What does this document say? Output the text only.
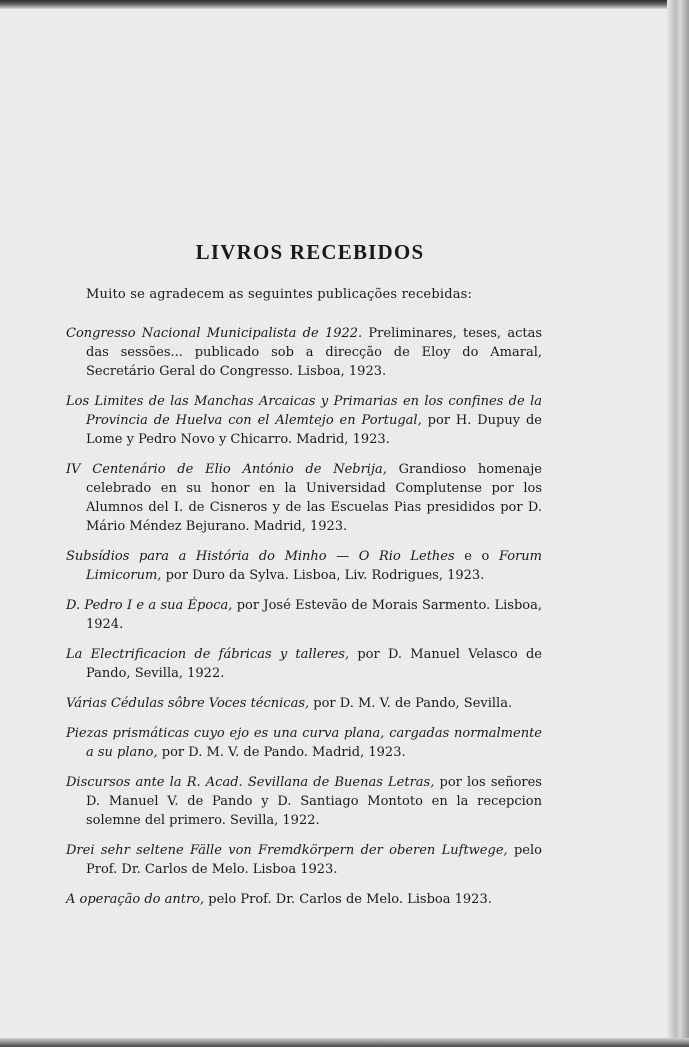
LIVROS RECEBIDOS

Muito se agradecem as seguintes publicações recebidas:

Congresso Nacional Municipalista de 1922. Preliminares, teses, actas das sessões... publicado sob a direcção de Eloy do Amaral, Secretário Geral do Congresso. Lisboa, 1923.

Los Limites de las Manchas Arcaicas y Primarias en los confines de la Provincia de Huelva con el Alemtejo en Portugal, por H. Dupuy de Lome y Pedro Novo y Chicarro. Madrid, 1923.

IV Centenário de Elio António de Nebrija, Grandioso homenaje celebrado en su honor en la Universidad Complutense por los Alumnos del I. de Cisneros y de las Escuelas Pias presididos por D. Mário Méndez Bejurano. Madrid, 1923.

Subsídios para a História do Minho — O Rio Lethes e o Forum Limicorum, por Duro da Sylva. Lisboa, Liv. Rodrigues, 1923.

D. Pedro I e a sua Época, por José Estevão de Morais Sarmento. Lisboa, 1924.

La Electrificacion de fábricas y talleres, por D. Manuel Velasco de Pando, Sevilla, 1922.

Várias Cédulas sôbre Voces técnicas, por D. M. V. de Pando, Sevilla.

Piezas prismáticas cuyo ejo es una curva plana, cargadas normalmente a su plano, por D. M. V. de Pando. Madrid, 1923.

Discursos ante la R. Acad. Sevillana de Buenas Letras, por los señores D. Manuel V. de Pando y D. Santiago Montoto en la recepcion solemne del primero. Sevilla, 1922.

Drei sehr seltene Fälle von Fremdkörpern der oberen Luftwege, pelo Prof. Dr. Carlos de Melo. Lisboa 1923.

A operação do antro, pelo Prof. Dr. Carlos de Melo. Lisboa 1923.
